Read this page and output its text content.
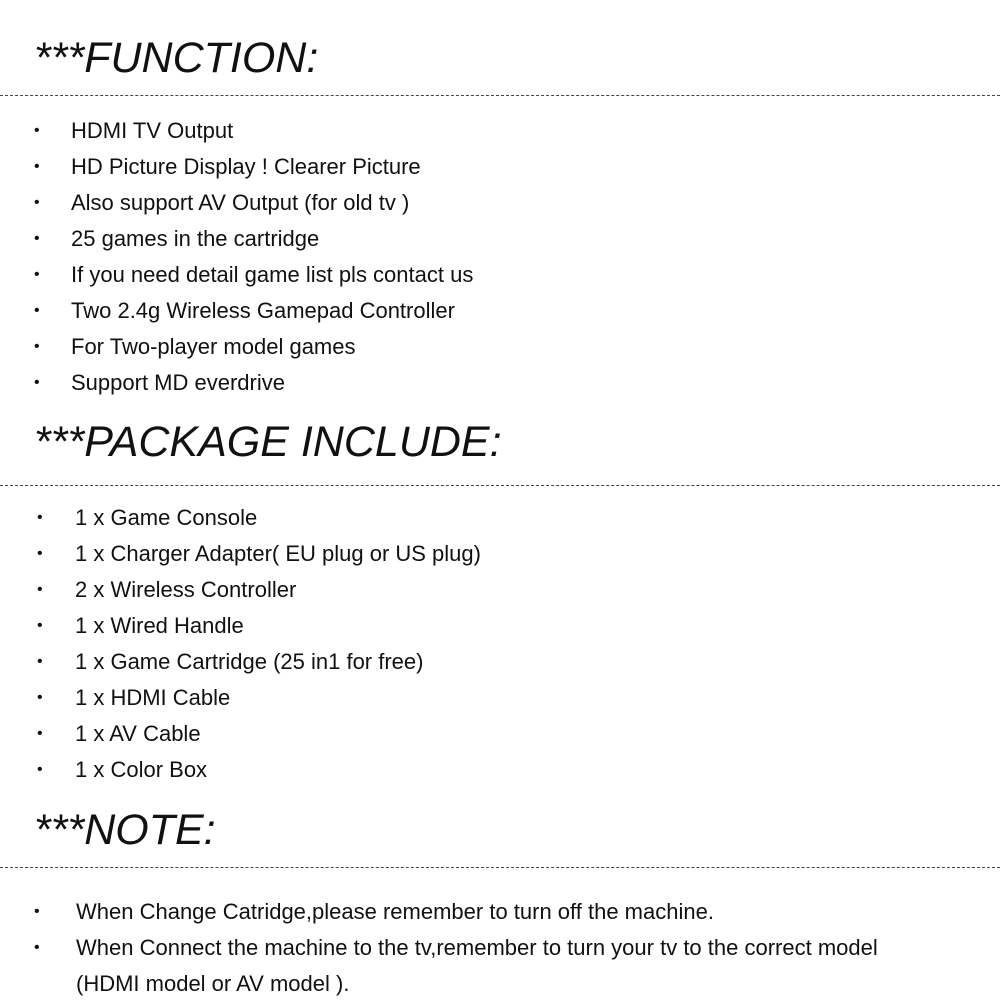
***FUNCTION:
• HDMI TV Output
• HD Picture Display ! Clearer Picture
• Also support AV Output (for old tv )
• 25 games in the cartridge
• If you need detail game list pls contact us
• Two 2.4g Wireless Gamepad Controller
• For Two-player model games
• Support MD everdrive
***PACKAGE INCLUDE:
• 1 x Game Console
• 1 x Charger Adapter( EU plug or US plug)
• 2 x Wireless Controller
• 1 x Wired Handle
• 1 x Game Cartridge (25 in1 for free)
• 1 x HDMI Cable
• 1 x AV Cable
• 1 x Color Box
***NOTE:
• When Change Catridge,please remember to turn off the machine.
• When Connect the machine to the tv,remember to turn your tv to the correct model (HDMI model or AV model ).
